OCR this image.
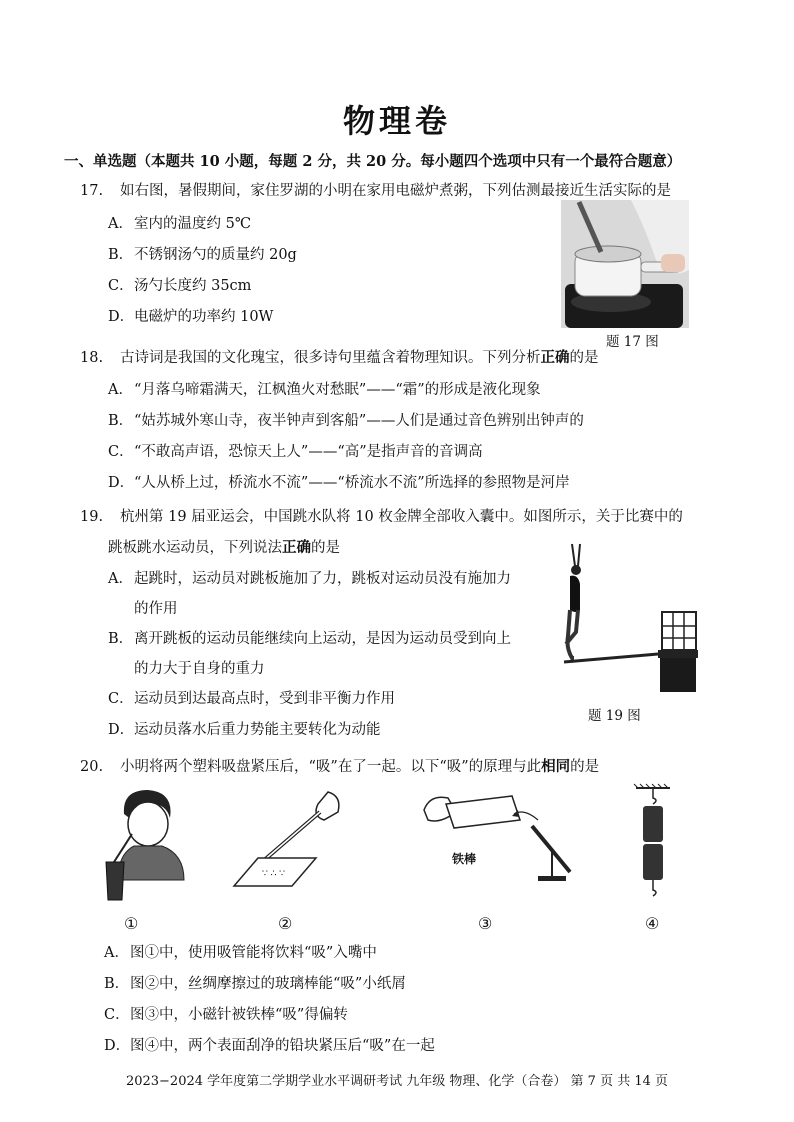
物理卷
一、单选题（本题共 10 小题，每题 2 分，共 20 分。每小题四个选项中只有一个最符合题意）
17. 如右图，暑假期间，家住罗湖的小明在家用电磁炉煮粥，下列估测最接近生活实际的是
A．室内的温度约 5℃
B．不锈钢汤勺的质量约 20g
C．汤勺长度约 35cm
D．电磁炉的功率约 10W
题 17 图
18. 古诗词是我国的文化瑰宝，很多诗句里蕴含着物理知识。下列分析正确的是
A．“月落乌啼霜满天，江枫渔火对愁眠”——“霜”的形成是液化现象
B．“姑苏城外寒山寺，夜半钟声到客船”——人们是通过音色辨别出钟声的
C．“不敢高声语，恐惊天上人”——“高”是指声音的音调高
D．“人从桥上过，桥流水不流”——“桥流水不流”所选择的参照物是河岸
19. 杭州第 19 届亚运会，中国跳水队将 10 枚金牌全部收入囊中。如图所示，关于比赛中的
跳板跳水运动员，下列说法正确的是
A．起跳时，运动员对跳板施加了力，跳板对运动员没有施加力
的作用
B．离开跳板的运动员能继续向上运动，是因为运动员受到向上
的力大于自身的重力
C．运动员到达最高点时，受到非平衡力作用
D．运动员落水后重力势能主要转化为动能
题 19 图
20. 小明将两个塑料吸盘紧压后，“吸”在了一起。以下“吸”的原理与此相同的是
∵ ∴ ∵
铁棒
①	②	③	④
A．图①中，使用吸管能将饮料“吸”入嘴中
B．图②中，丝绸摩擦过的玻璃棒能“吸”小纸屑
C．图③中，小磁针被铁棒“吸”得偏转
D．图④中，两个表面刮净的铅块紧压后“吸”在一起
2023−2024 学年度第二学期学业水平调研考试 九年级 物理、化学（合卷） 第 7 页 共 14 页
